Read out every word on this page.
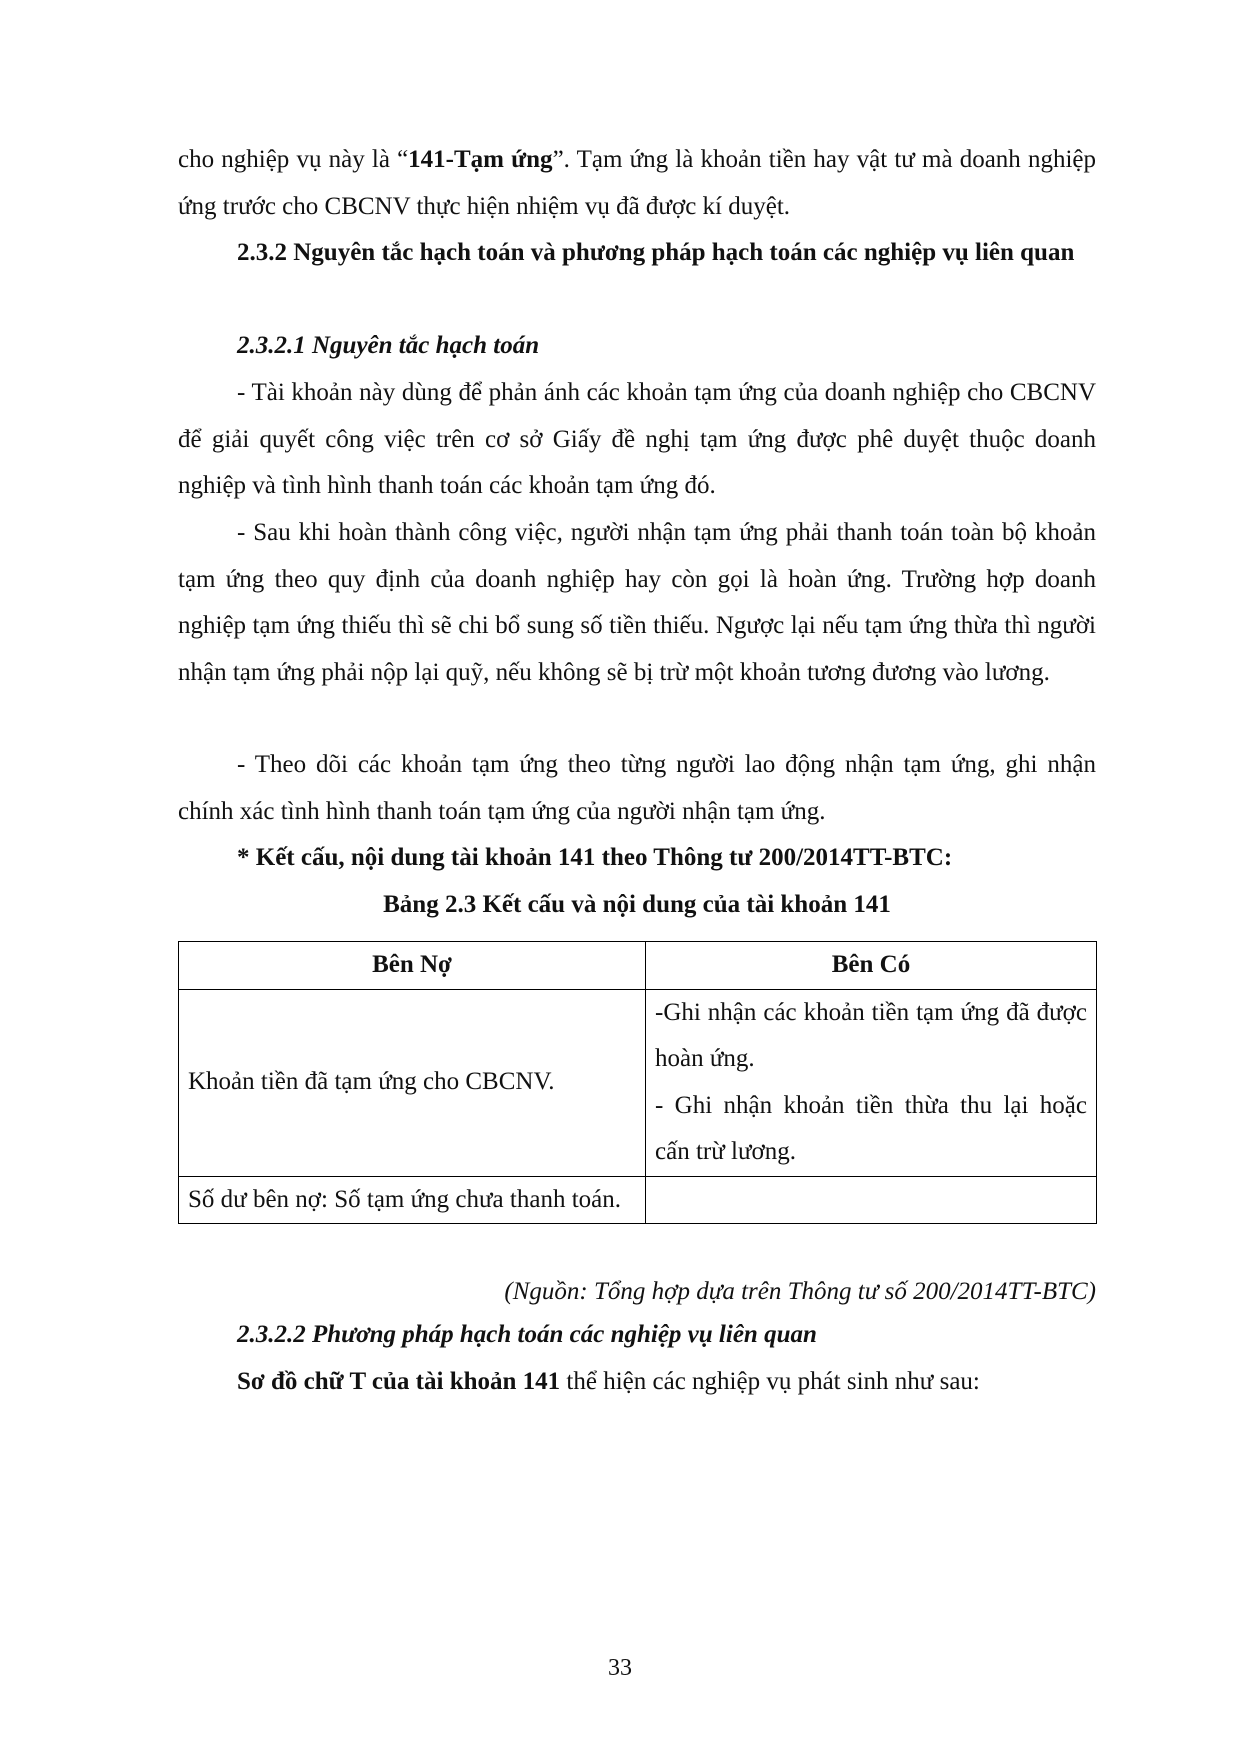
cho nghiệp vụ này là “141-Tạm ứng”. Tạm ứng là khoản tiền hay vật tư mà doanh nghiệp ứng trước cho CBCNV thực hiện nhiệm vụ đã được kí duyệt.

2.3.2 Nguyên tắc hạch toán và phương pháp hạch toán các nghiệp vụ liên quan

2.3.2.1 Nguyên tắc hạch toán

- Tài khoản này dùng để phản ánh các khoản tạm ứng của doanh nghiệp cho CBCNV để giải quyết công việc trên cơ sở Giấy đề nghị tạm ứng được phê duyệt thuộc doanh nghiệp và tình hình thanh toán các khoản tạm ứng đó.

- Sau khi hoàn thành công việc, người nhận tạm ứng phải thanh toán toàn bộ khoản tạm ứng theo quy định của doanh nghiệp hay còn gọi là hoàn ứng. Trường hợp doanh nghiệp tạm ứng thiếu thì sẽ chi bổ sung số tiền thiếu. Ngược lại nếu tạm ứng thừa thì người nhận tạm ứng phải nộp lại quỹ, nếu không sẽ bị trừ một khoản tương đương vào lương.

- Theo dõi các khoản tạm ứng theo từng người lao động nhận tạm ứng, ghi nhận chính xác tình hình thanh toán tạm ứng của người nhận tạm ứng.

* Kết cấu, nội dung tài khoản 141 theo Thông tư 200/2014TT-BTC:

Bảng 2.3 Kết cấu và nội dung của tài khoản 141

Bên Nợ	Bên Có
Khoản tiền đã tạm ứng cho CBCNV.	-Ghi nhận các khoản tiền tạm ứng đã được hoàn ứng.
- Ghi nhận khoản tiền thừa thu lại hoặc cấn trừ lương.

Số dư bên nợ: Số tạm ứng chưa thanh toán.	

(Nguồn: Tổng hợp dựa trên Thông tư số 200/2014TT-BTC)

2.3.2.2 Phương pháp hạch toán các nghiệp vụ liên quan

Sơ đồ chữ T của tài khoản 141 thể hiện các nghiệp vụ phát sinh như sau:

33
